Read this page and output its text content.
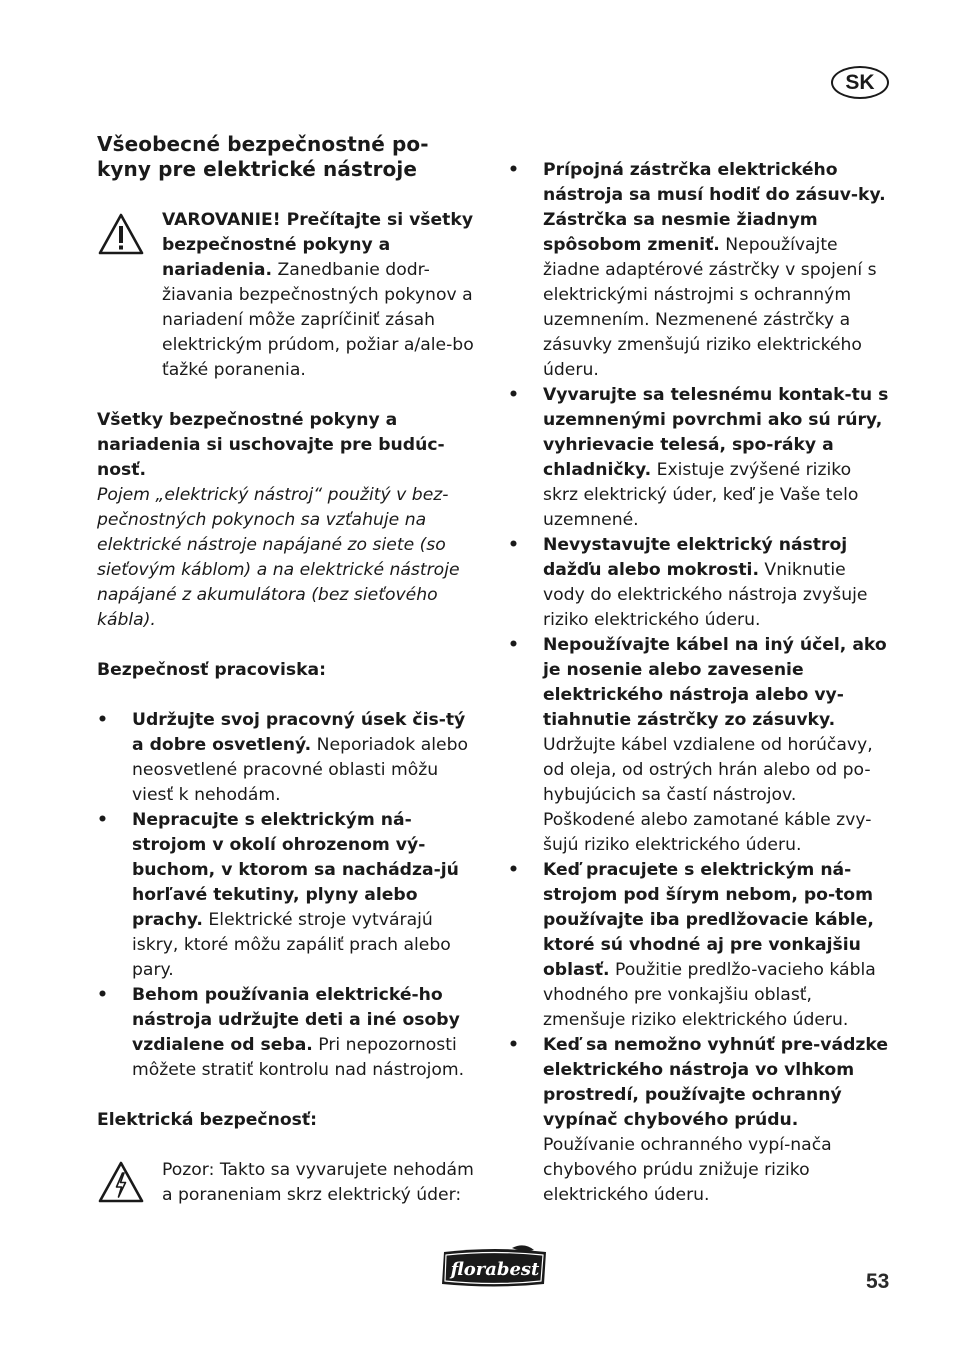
SK
Všeobecné bezpečnostné po-
kyny pre elektrické nástroje

VAROVANIE! Prečítajte si všetky bezpečnostné pokyny a nariadenia. Zanedbanie dodr-žiavania bezpečnostných pokynov a nariadení môže zapríčiniť zásah elektrickým prúdom, požiar a/ale-bo ťažké poranenia.

Všetky bezpečnostné pokyny a nariadenia si uschovajte pre budúc-nosť.

Pojem „elektrický nástroj“ použitý v bez-pečnostných pokynoch sa vzťahuje na elektrické nástroje napájané zo siete (so sieťovým káblom) a na elektrické nástroje napájané z akumulátora (bez sieťového kábla).

Bezpečnosť pracoviska:

• Udržujte svoj pracovný úsek čis-tý a dobre osvetlený. Neporiadok alebo neosvetlené pracovné oblasti môžu viesť k nehodám.
• Nepracujte s elektrickým ná-strojom v okolí ohrozenom vý-buchom, v ktorom sa nachádza-jú horľavé tekutiny, plyny alebo prachy. Elektrické stroje vytvárajú iskry, ktoré môžu zapáliť prach alebo pary.
• Behom používania elektrické-ho nástroja udržujte deti a iné osoby vzdialene od seba. Pri nepozornosti môžete stratiť kontrolu nad nástrojom.

Elektrická bezpečnosť:

Pozor: Takto sa vyvarujete nehodám a poraneniam skrz elektrický úder:

• Prípojná zástrčka elektrického nástroja sa musí hodiť do zásuv-ky. Zástrčka sa nesmie žiadnym spôsobom zmeniť. Nepoužívajte žiadne adaptérové zástrčky v spojení s elektrickými nástrojmi s ochranným uzemnením. Nezmenené zástrčky a zásuvky zmenšujú riziko elektrického úderu.
• Vyvarujte sa telesnému kontak-tu s uzemnenými povrchmi ako sú rúry, vyhrievacie telesá, spo-ráky a chladničky. Existuje zvýšené riziko skrz elektrický úder, keď je Vaše telo uzemnené.
• Nevystavujte elektrický nástroj dažďu alebo mokrosti. Vniknutie vody do elektrického nástroja zvyšuje riziko elektrického úderu.
• Nepoužívajte kábel na iný účel, ako je nosenie alebo zavesenie elektrického nástroja alebo vy-tiahnutie zástrčky zo zásuvky. Udržujte kábel vzdialene od horúčavy, od oleja, od ostrých hrán alebo od po-hybujúcich sa častí nástrojov. Poškodené alebo zamotané káble zvy-šujú riziko elektrického úderu.
• Keď pracujete s elektrickým ná-strojom pod šírym nebom, po-tom používajte iba predlžovacie káble, ktoré sú vhodné aj pre vonkajšiu oblasť. Použitie predlžo-vacieho kábla vhodného pre vonkajšiu oblasť, zmenšuje riziko elektrického úderu.
• Keď sa nemožno vyhnúť pre-vádzke elektrického nástroja vo vlhkom prostredí, používajte ochranný vypínač chybového prúdu. Používanie ochranného vypí-nača chybového prúdu znižuje riziko elektrického úderu.
florabest
53
